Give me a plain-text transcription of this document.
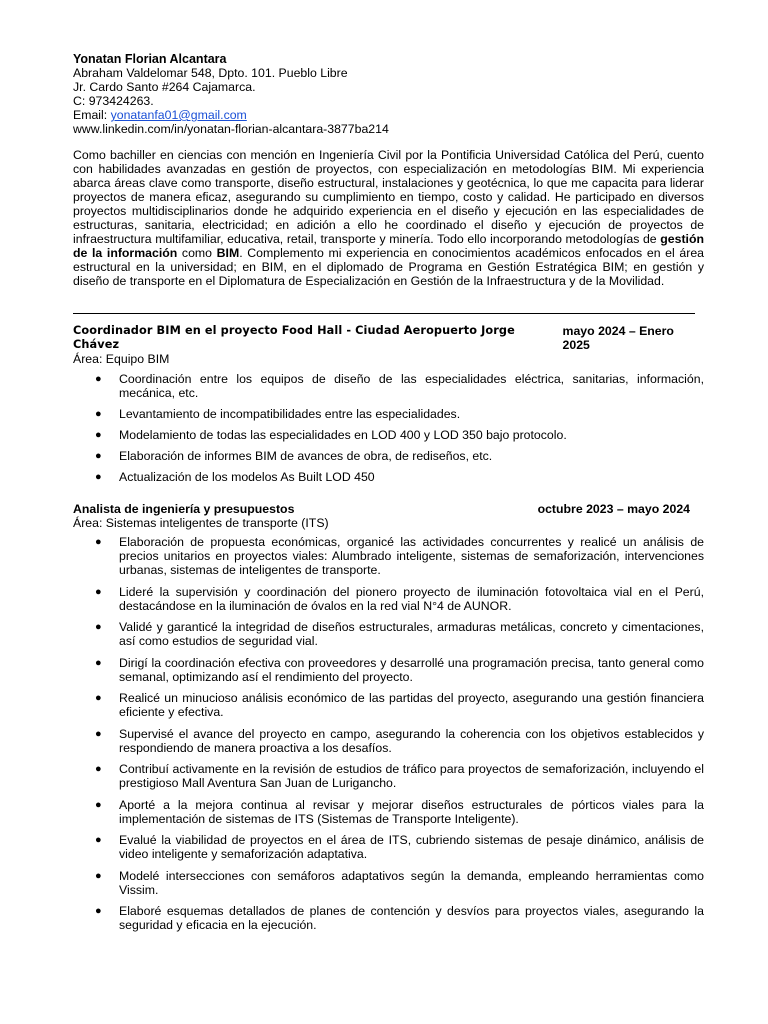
Yonatan Florian Alcantara
Abraham Valdelomar 548, Dpto. 101. Pueblo Libre
Jr. Cardo Santo #264 Cajamarca.
C: 973424263.
Email: yonatanfa01@gmail.com
www.linkedin.com/in/yonatan-florian-alcantara-3877ba214
Como bachiller en ciencias con mención en Ingeniería Civil por la Pontificia Universidad Católica del Perú, cuento con habilidades avanzadas en gestión de proyectos, con especialización en metodologías BIM. Mi experiencia abarca áreas clave como transporte, diseño estructural, instalaciones y geotécnica, lo que me capacita para liderar proyectos de manera eficaz, asegurando su cumplimiento en tiempo, costo y calidad. He participado en diversos proyectos multidisciplinarios donde he adquirido experiencia en el diseño y ejecución en las especialidades de estructuras, sanitaria, electricidad; en adición a ello he coordinado el diseño y ejecución de proyectos de infraestructura multifamiliar, educativa, retail, transporte y minería. Todo ello incorporando metodologías de gestión de la información como BIM. Complemento mi experiencia en conocimientos académicos enfocados en el área estructural en la universidad; en BIM, en el diplomado de Programa en Gestión Estratégica BIM; en gestión y diseño de transporte en el Diplomatura de Especialización en Gestión de la Infraestructura y de la Movilidad.
Coordinador BIM en el proyecto Food Hall - Ciudad Aeropuerto Jorge Chávez
mayo 2024 – Enero 2025
Área: Equipo BIM
● Coordinación entre los equipos de diseño de las especialidades eléctrica, sanitarias, información, mecánica, etc.
● Levantamiento de incompatibilidades entre las especialidades.
● Modelamiento de todas las especialidades en LOD 400 y LOD 350 bajo protocolo.
● Elaboración de informes BIM de avances de obra, de rediseños, etc.
● Actualización de los modelos As Built LOD 450
Analista de ingeniería y presupuestos	octubre 2023 – mayo 2024
Área: Sistemas inteligentes de transporte (ITS)
● Elaboración de propuesta económicas, organicé las actividades concurrentes y realicé un análisis de precios unitarios en proyectos viales: Alumbrado inteligente, sistemas de semaforización, intervenciones urbanas, sistemas de inteligentes de transporte.
● Lideré la supervisión y coordinación del pionero proyecto de iluminación fotovoltaica vial en el Perú, destacándose en la iluminación de óvalos en la red vial N°4 de AUNOR.
● Validé y garanticé la integridad de diseños estructurales, armaduras metálicas, concreto y cimentaciones, así como estudios de seguridad vial.
● Dirigí la coordinación efectiva con proveedores y desarrollé una programación precisa, tanto general como semanal, optimizando así el rendimiento del proyecto.
● Realicé un minucioso análisis económico de las partidas del proyecto, asegurando una gestión financiera eficiente y efectiva.
● Supervisé el avance del proyecto en campo, asegurando la coherencia con los objetivos establecidos y respondiendo de manera proactiva a los desafíos.
● Contribuí activamente en la revisión de estudios de tráfico para proyectos de semaforización, incluyendo el prestigioso Mall Aventura San Juan de Lurigancho.
● Aporté a la mejora continua al revisar y mejorar diseños estructurales de pórticos viales para la implementación de sistemas de ITS (Sistemas de Transporte Inteligente).
● Evalué la viabilidad de proyectos en el área de ITS, cubriendo sistemas de pesaje dinámico, análisis de video inteligente y semaforización adaptativa.
● Modelé intersecciones con semáforos adaptativos según la demanda, empleando herramientas como Vissim.
● Elaboré esquemas detallados de planes de contención y desvíos para proyectos viales, asegurando la seguridad y eficacia en la ejecución.
